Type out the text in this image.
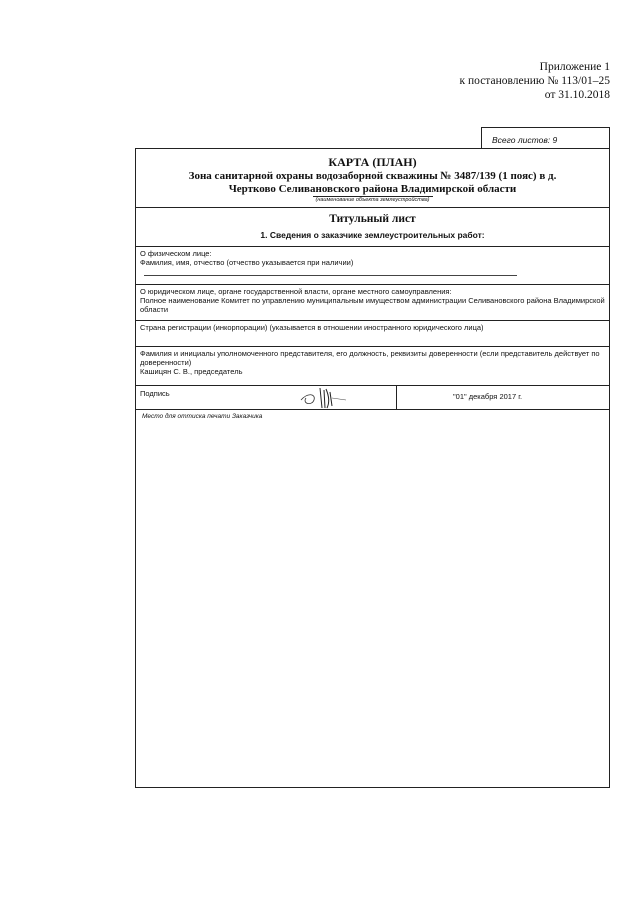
Приложение 1
к постановлению № 113/01–25
от 31.10.2018
Всего листов: 9
КАРТА (ПЛАН)
Зона санитарной охраны водозаборной скважины № 3487/139 (1 пояс) в д.
Чертково Селивановского района Владимирской области
(наименование объекта землеустройства)
Титульный лист
1. Сведения о заказчике землеустроительных работ:
О физическом лице:
Фамилия, имя, отчество (отчество указывается при наличии)
О юридическом лице, органе государственной власти, органе местного самоуправления:
Полное наименование Комитет по управлению муниципальным имуществом администрации Селивановского района Владимирской области
Страна регистрации (инкорпорации) (указывается в отношении иностранного юридического лица)
Фамилия и инициалы уполномоченного представителя, его должность, реквизиты доверенности (если представитель действует по доверенности)
Кашицян С. В., председатель
Подпись	"01" декабря 2017 г.
Место для оттиска печати Заказчика
